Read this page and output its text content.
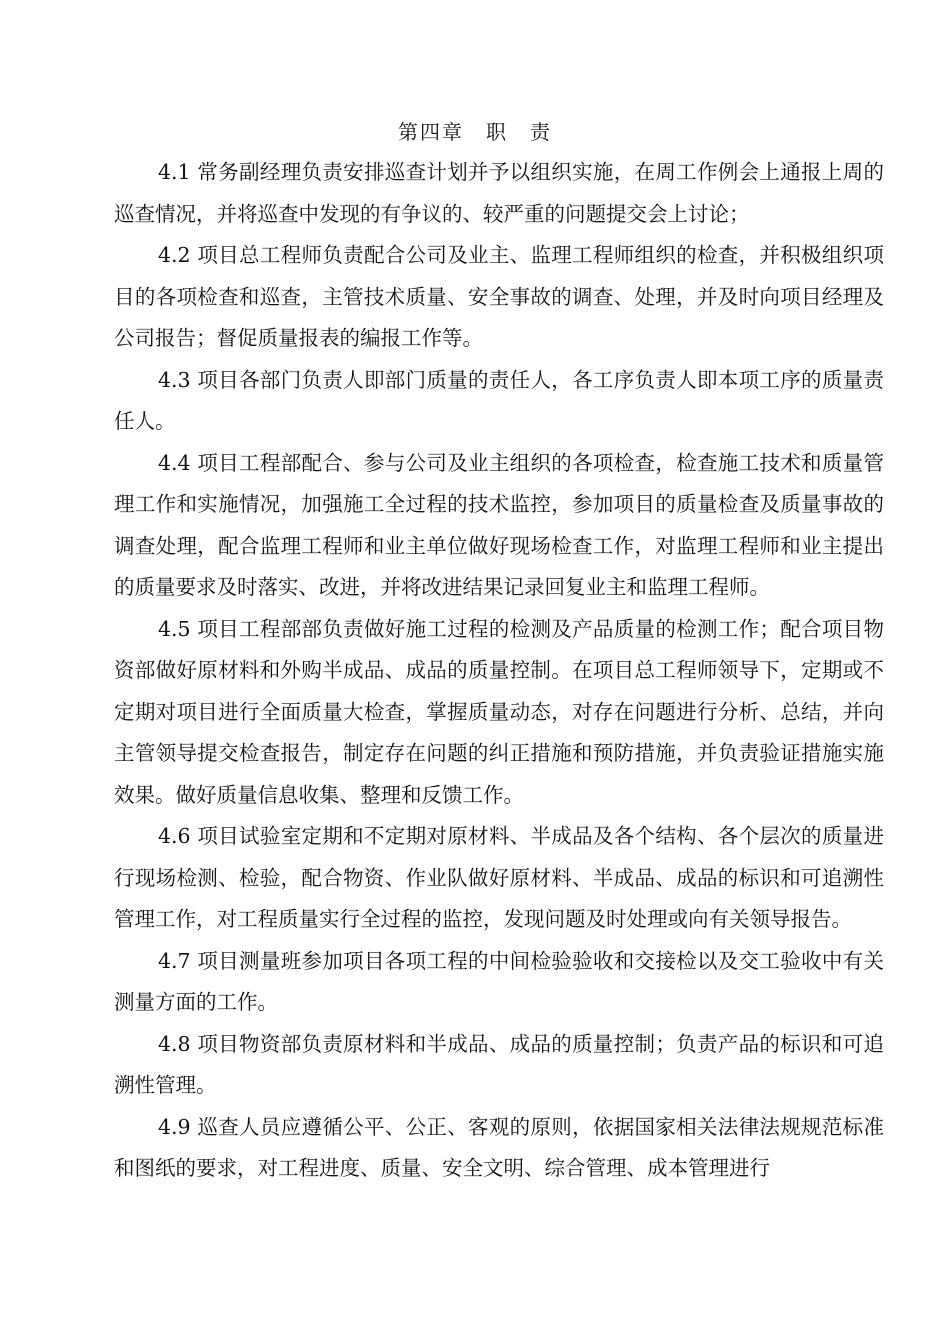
第四章　职　责

4.1 常务副经理负责安排巡查计划并予以组织实施，在周工作例会上通报上周的巡查情况，并将巡查中发现的有争议的、较严重的问题提交会上讨论；

4.2 项目总工程师负责配合公司及业主、监理工程师组织的检查，并积极组织项目的各项检查和巡查，主管技术质量、安全事故的调查、处理，并及时向项目经理及公司报告；督促质量报表的编报工作等。

4.3 项目各部门负责人即部门质量的责任人，各工序负责人即本项工序的质量责任人。

4.4 项目工程部配合、参与公司及业主组织的各项检查，检查施工技术和质量管理工作和实施情况，加强施工全过程的技术监控，参加项目的质量检查及质量事故的调查处理，配合监理工程师和业主单位做好现场检查工作，对监理工程师和业主提出的质量要求及时落实、改进，并将改进结果记录回复业主和监理工程师。

4.5 项目工程部部负责做好施工过程的检测及产品质量的检测工作；配合项目物资部做好原材料和外购半成品、成品的质量控制。在项目总工程师领导下，定期或不定期对项目进行全面质量大检查，掌握质量动态，对存在问题进行分析、总结，并向主管领导提交检查报告，制定存在问题的纠正措施和预防措施，并负责验证措施实施效果。做好质量信息收集、整理和反馈工作。

4.6 项目试验室定期和不定期对原材料、半成品及各个结构、各个层次的质量进行现场检测、检验，配合物资、作业队做好原材料、半成品、成品的标识和可追溯性管理工作，对工程质量实行全过程的监控，发现问题及时处理或向有关领导报告。

4.7 项目测量班参加项目各项工程的中间检验验收和交接检以及交工验收中有关测量方面的工作。

4.8 项目物资部负责原材料和半成品、成品的质量控制；负责产品的标识和可追溯性管理。

4.9 巡查人员应遵循公平、公正、客观的原则，依据国家相关法律法规规范标准和图纸的要求，对工程进度、质量、安全文明、综合管理、成本管理进行
